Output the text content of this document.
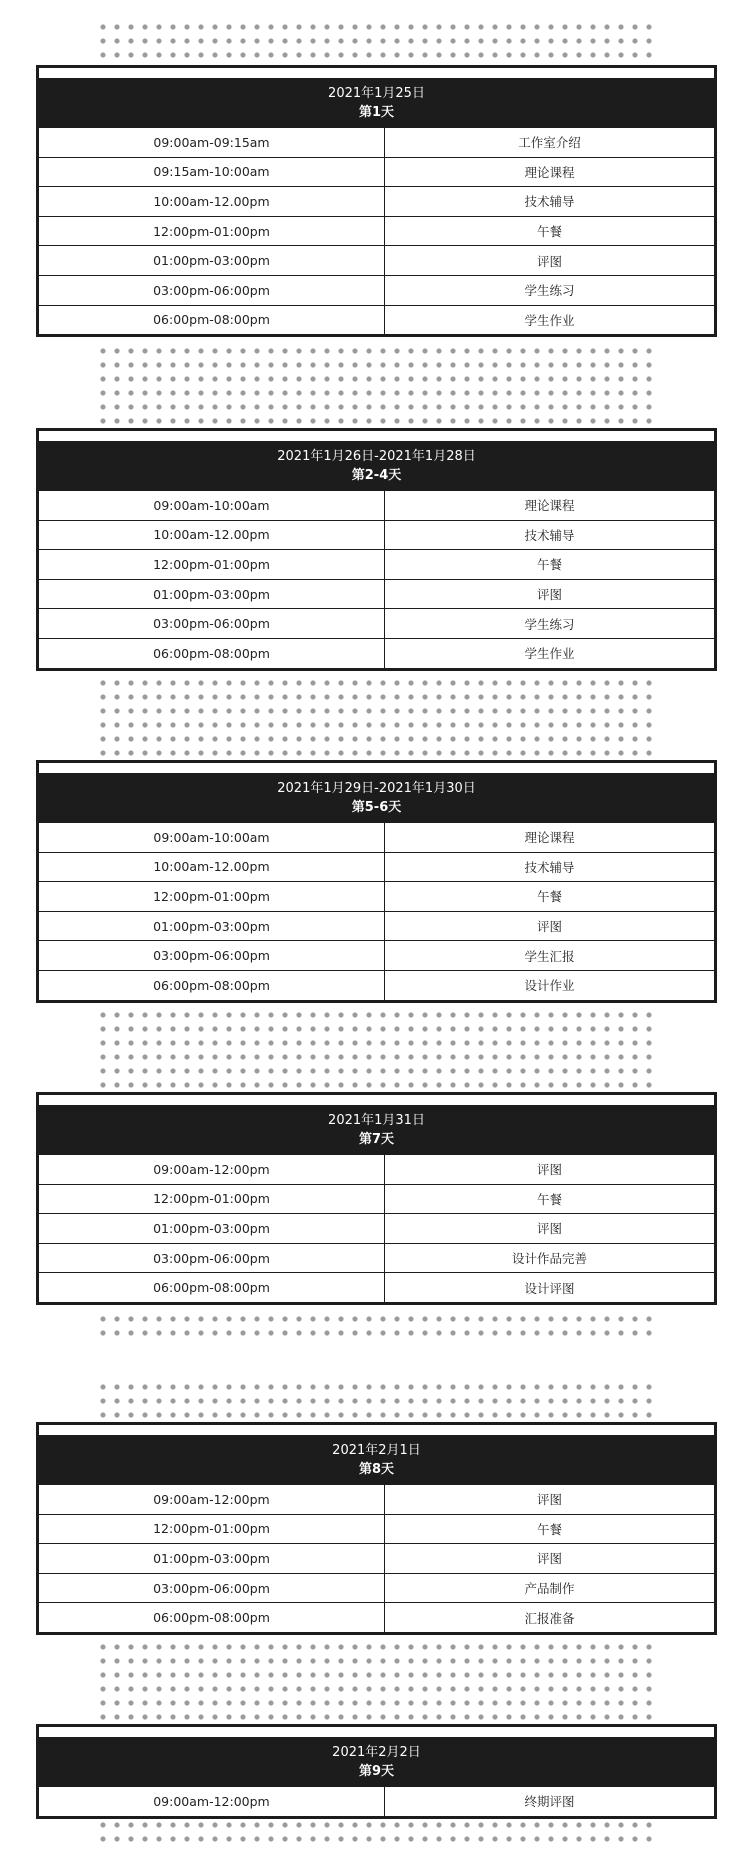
2021年1月25日
第1天
09:00am-09:15am	工作室介绍
09:15am-10:00am	理论课程
10:00am-12.00pm	技术辅导
12:00pm-01:00pm	午餐
01:00pm-03:00pm	评图
03:00pm-06:00pm	学生练习
06:00pm-08:00pm	学生作业
2021年1月26日-2021年1月28日
第2-4天
09:00am-10:00am	理论课程
10:00am-12.00pm	技术辅导
12:00pm-01:00pm	午餐
01:00pm-03:00pm	评图
03:00pm-06:00pm	学生练习
06:00pm-08:00pm	学生作业
2021年1月29日-2021年1月30日
第5-6天
09:00am-10:00am	理论课程
10:00am-12.00pm	技术辅导
12:00pm-01:00pm	午餐
01:00pm-03:00pm	评图
03:00pm-06:00pm	学生汇报
06:00pm-08:00pm	设计作业
2021年1月31日
第7天
09:00am-12:00pm	评图
12:00pm-01:00pm	午餐
01:00pm-03:00pm	评图
03:00pm-06:00pm	设计作品完善
06:00pm-08:00pm	设计评图
2021年2月1日
第8天
09:00am-12:00pm	评图
12:00pm-01:00pm	午餐
01:00pm-03:00pm	评图
03:00pm-06:00pm	产品制作
06:00pm-08:00pm	汇报准备
2021年2月2日
第9天
09:00am-12:00pm	终期评图
